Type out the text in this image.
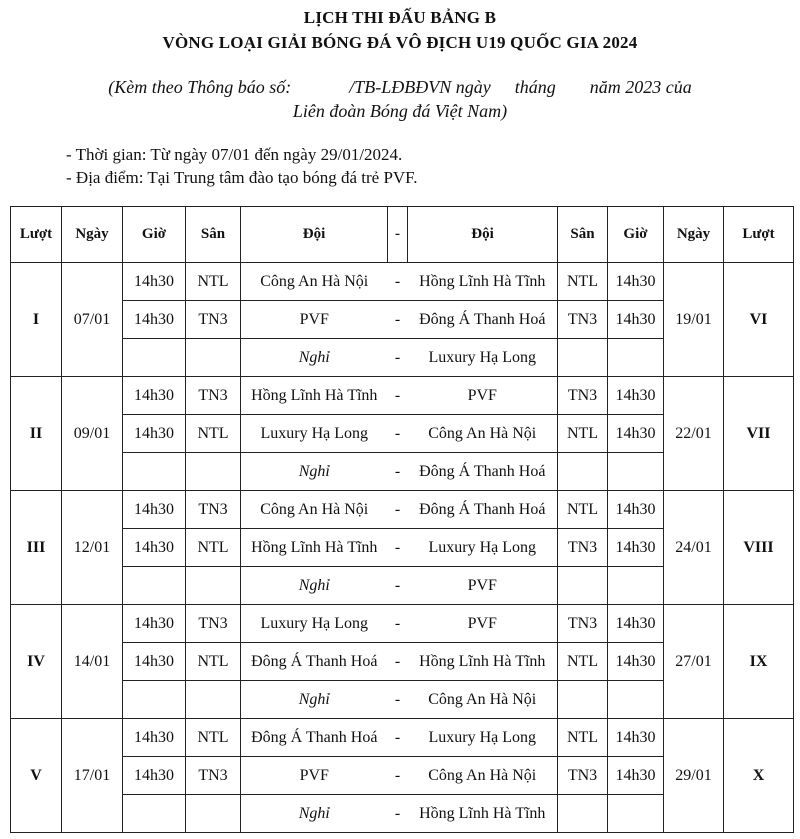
LỊCH THI ĐẤU BẢNG B
VÒNG LOẠI GIẢI BÓNG ĐÁ VÔ ĐỊCH U19 QUỐC GIA 2024
(Kèm theo Thông báo số:	/TB-LĐBĐVN ngày tháng năm 2023 của
Liên đoàn Bóng đá Việt Nam)
- Thời gian: Từ ngày 07/01 đến ngày 29/01/2024.
- Địa điểm: Tại Trung tâm đào tạo bóng đá trẻ PVF.
Lượt	Ngày	Giờ	Sân	Đội	-	Đội	Sân	Giờ	Ngày	Lượt
I	07/01	14h30	NTL	Công An Hà Nội	-	Hồng Lĩnh Hà Tĩnh	NTL	14h30	19/01	VI
		14h30	TN3	PVF	-	Đông Á Thanh Hoá	TN3	14h30		
				Nghỉ	-	Luxury Hạ Long				
II	09/01	14h30	TN3	Hồng Lĩnh Hà Tĩnh	-	PVF	TN3	14h30	22/01	VII
		14h30	NTL	Luxury Hạ Long	-	Công An Hà Nội	NTL	14h30		
				Nghỉ	-	Đông Á Thanh Hoá				
III	12/01	14h30	TN3	Công An Hà Nội	-	Đông Á Thanh Hoá	NTL	14h30	24/01	VIII
		14h30	NTL	Hồng Lĩnh Hà Tĩnh	-	Luxury Hạ Long	TN3	14h30		
				Nghỉ	-	PVF				
IV	14/01	14h30	TN3	Luxury Hạ Long	-	PVF	TN3	14h30	27/01	IX
		14h30	NTL	Đông Á Thanh Hoá	-	Hồng Lĩnh Hà Tĩnh	NTL	14h30		
				Nghỉ	-	Công An Hà Nội				
V	17/01	14h30	NTL	Đông Á Thanh Hoá	-	Luxury Hạ Long	NTL	14h30	29/01	X
		14h30	TN3	PVF	-	Công An Hà Nội	TN3	14h30		
				Nghỉ	-	Hồng Lĩnh Hà Tĩnh				
